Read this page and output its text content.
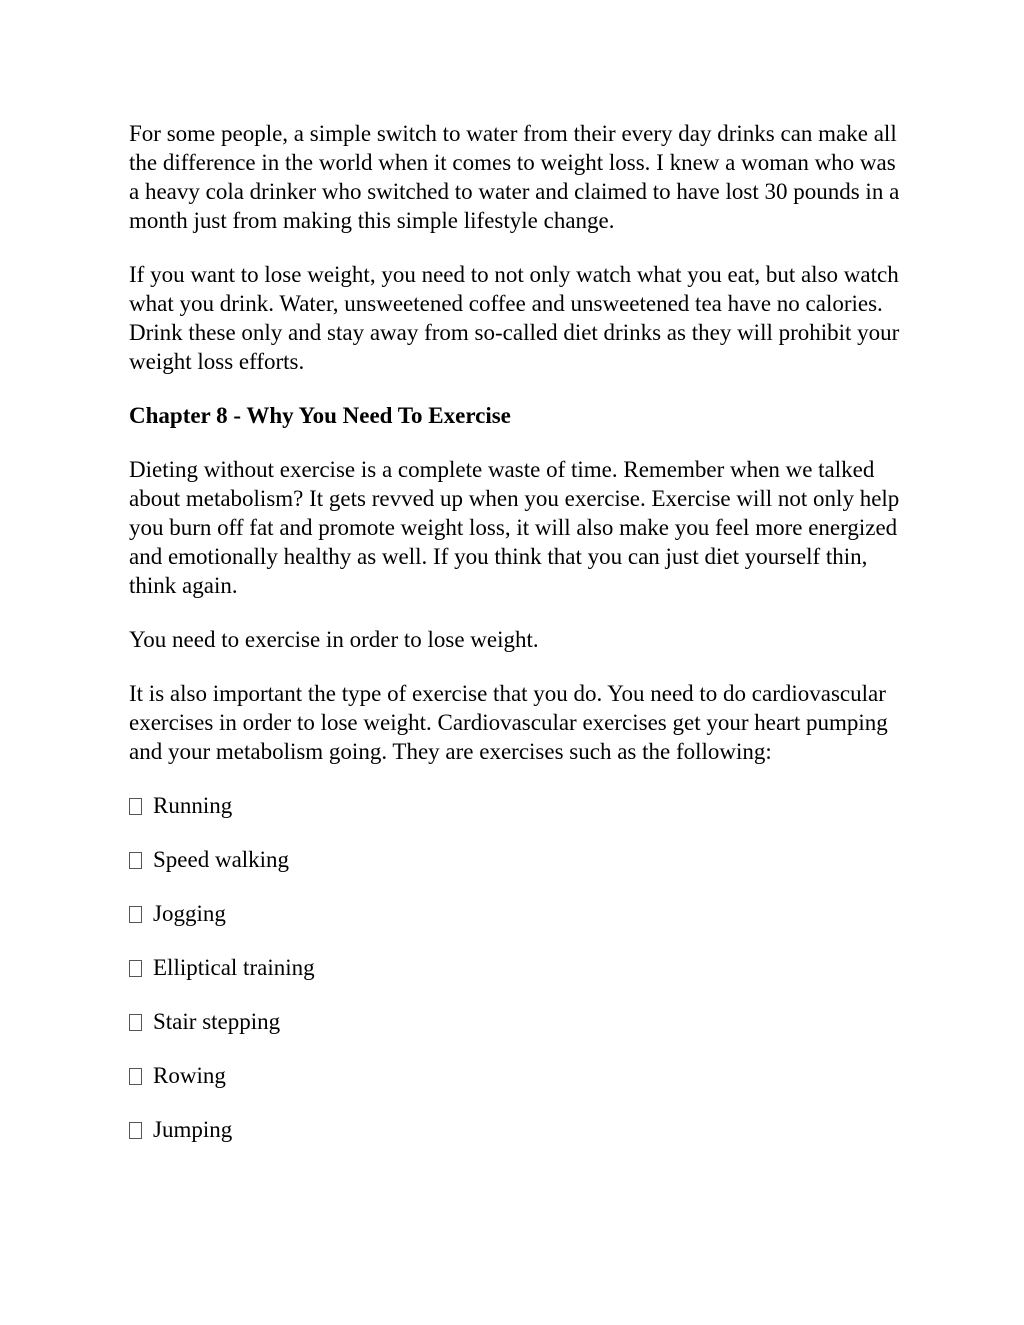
For some people, a simple switch to water from their every day drinks can make all the difference in the world when it comes to weight loss. I knew a woman who was a heavy cola drinker who switched to water and claimed to have lost 30 pounds in a month just from making this simple lifestyle change.

If you want to lose weight, you need to not only watch what you eat, but also watch what you drink. Water, unsweetened coffee and unsweetened tea have no calories. Drink these only and stay away from so-called diet drinks as they will prohibit your weight loss efforts.

Chapter 8 - Why You Need To Exercise

Dieting without exercise is a complete waste of time. Remember when we talked about metabolism? It gets revved up when you exercise. Exercise will not only help you burn off fat and promote weight loss, it will also make you feel more energized and emotionally healthy as well. If you think that you can just diet yourself thin, think again.

You need to exercise in order to lose weight.

It is also important the type of exercise that you do. You need to do cardiovascular exercises in order to lose weight. Cardiovascular exercises get your heart pumping and your metabolism going. They are exercises such as the following:

Running
Speed walking
Jogging
Elliptical training
Stair stepping
Rowing
Jumping
